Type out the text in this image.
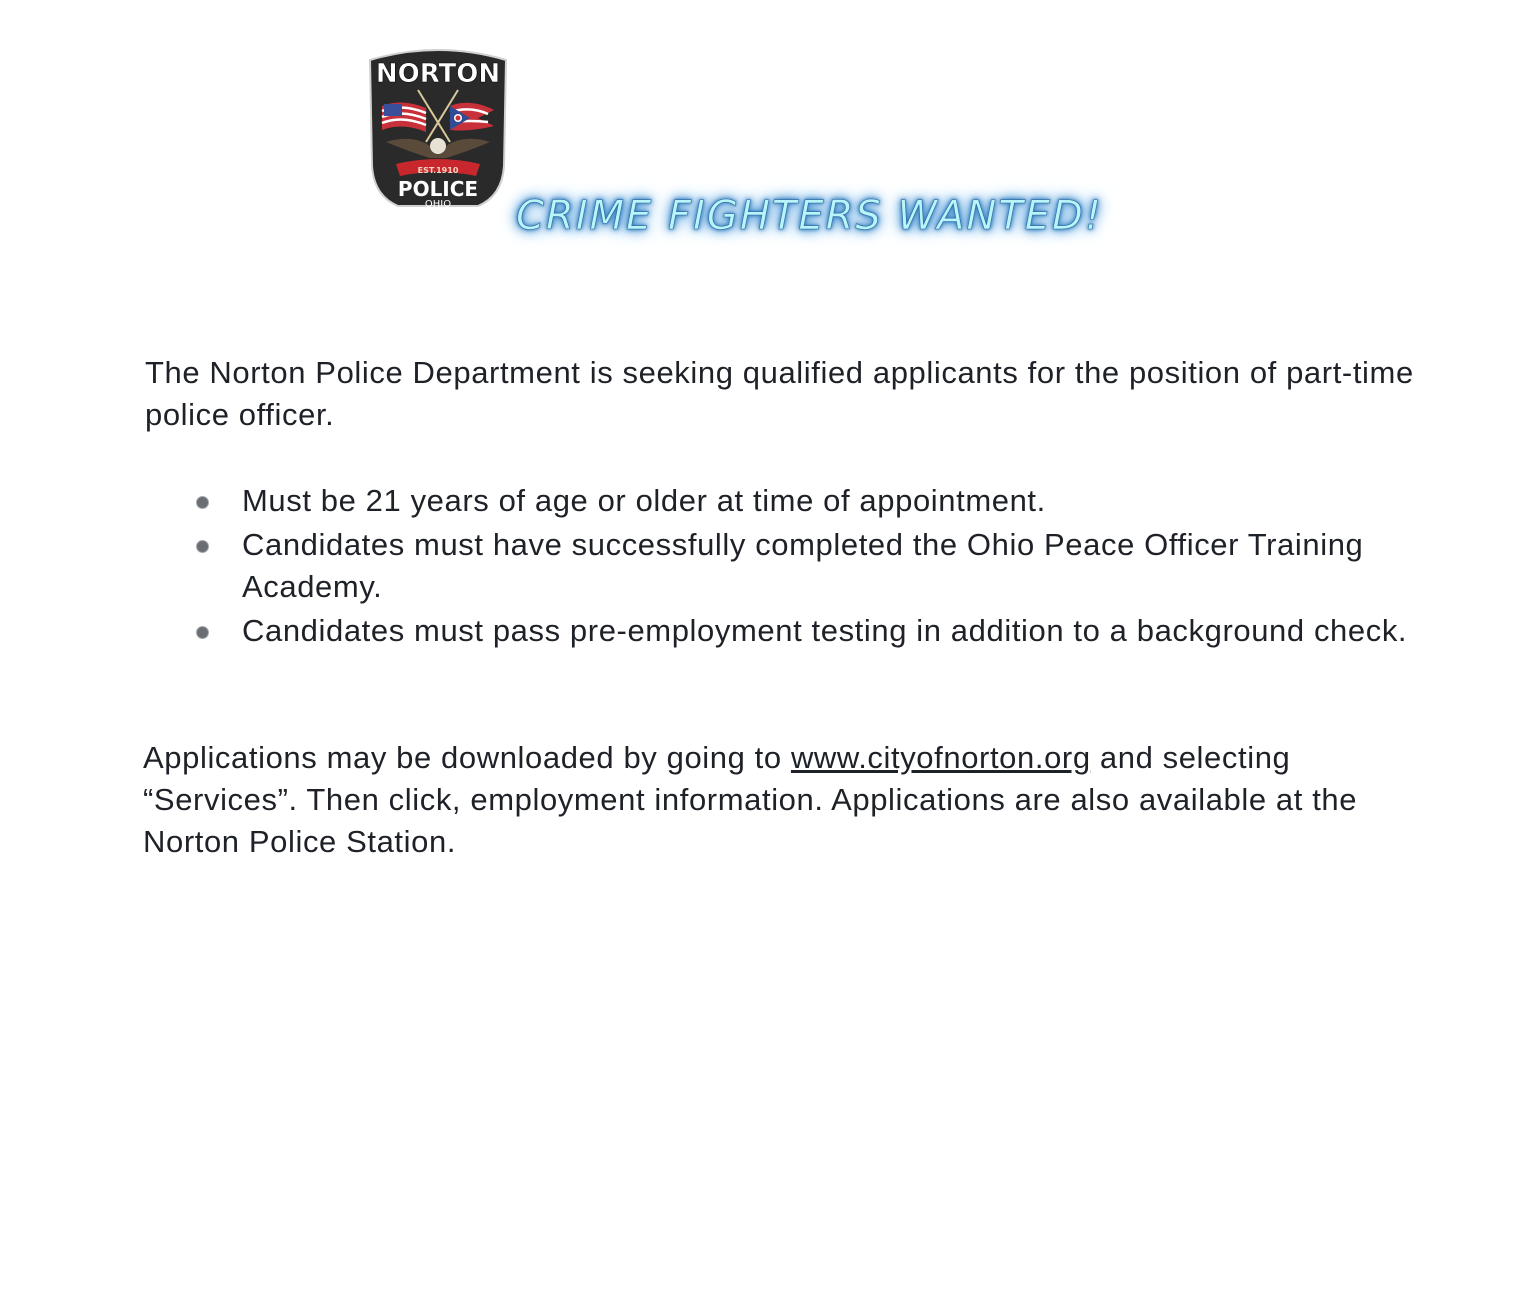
NORTON
EST.1910
POLICE
OHIO CRIME FIGHTERS WANTED!

The Norton Police Department is seeking qualified applicants for the position of part-time police officer.

Must be 21 years of age or older at time of appointment.
Candidates must have successfully completed the Ohio Peace Officer Training Academy.
Candidates must pass pre-employment testing in addition to a background check.

Applications may be downloaded by going to www.cityofnorton.org and selecting “Services”. Then click, employment information. Applications are also available at the Norton Police Station.
